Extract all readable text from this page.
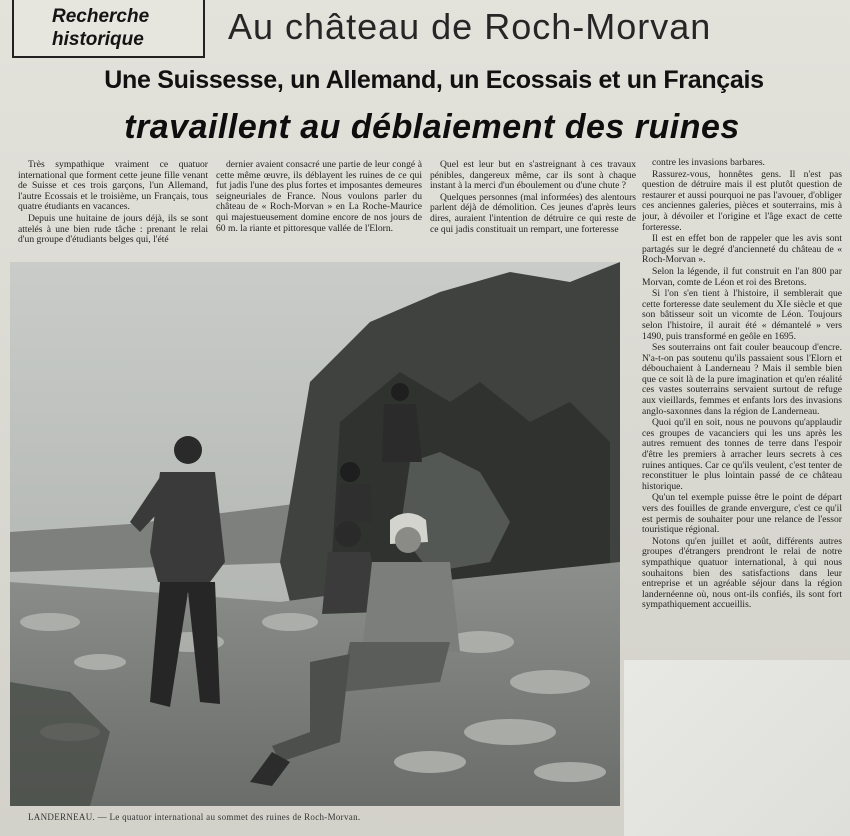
Recherche
historique	Au château de Roch-Morvan
Une Suissesse, un Allemand, un Ecossais et un Français
travaillent au déblaiement des ruines

Très sympathique vraiment ce quatuor international que forment cette jeune fille venant de Suisse et ces trois garçons, l'un Allemand, l'autre Ecossais et le troisième, un Français, tous quatre étudiants en vacances.

Depuis une huitaine de jours déjà, ils se sont attelés à une bien rude tâche : prenant le relai d'un groupe d'étudiants belges qui, l'été

dernier avaient consacré une partie de leur congé à cette même œuvre, ils déblayent les ruines de ce qui fut jadis l'une des plus fortes et imposantes demeures seigneuriales de France. Nous voulons parler du château de « Roch-Morvan » en La Roche-Maurice qui majestueusement domine encore de nos jours de 60 m. la riante et pittoresque vallée de l'Elorn.

Quel est leur but en s'astreignant à ces travaux pénibles, dangereux même, car ils sont à chaque instant à la merci d'un éboulement ou d'une chute ?

Quelques personnes (mal informées) des alentours parlent déjà de démolition. Ces jeunes d'après leurs dires, auraient l'intention de détruire ce qui reste de ce qui jadis constituait un rempart, une forteresse

contre les invasions barbares.

Rassurez-vous, honnêtes gens. Il n'est pas question de détruire mais il est plutôt question de restaurer et aussi pourquoi ne pas l'avouer, d'obliger ces anciennes galeries, pièces et souterrains, mis à jour, à dévoiler et l'origine et l'âge exact de cette forteresse.

Il est en effet bon de rappeler que les avis sont partagés sur le degré d'ancienneté du château de « Roch-Morvan ».

Selon la légende, il fut construit en l'an 800 par Morvan, comte de Léon et roi des Bretons.

Si l'on s'en tient à l'histoire, il semblerait que cette forteresse date seulement du XIe siècle et que son bâtisseur soit un vicomte de Léon. Toujours selon l'histoire, il aurait été « démantelé » vers 1490, puis transformé en geôle en 1695.

Ses souterrains ont fait couler beaucoup d'encre. N'a-t-on pas soutenu qu'ils passaient sous l'Elorn et débouchaient à Landerneau ? Mais il semble bien que ce soit là de la pure imagination et qu'en réalité ces vastes souterrains servaient surtout de refuge aux vieillards, femmes et enfants lors des invasions anglo-saxonnes dans la région de Landerneau.

Quoi qu'il en soit, nous ne pouvons qu'applaudir ces groupes de vacanciers qui les uns après les autres remuent des tonnes de terre dans l'espoir d'être les premiers à arracher leurs secrets à ces ruines antiques. Car ce qu'ils veulent, c'est tenter de reconstituer le plus lointain passé de ce château historique.

Qu'un tel exemple puisse être le point de départ vers des fouilles de grande envergure, c'est ce qu'il est permis de souhaiter pour une relance de l'essor touristique régional.

Notons qu'en juillet et août, différents autres groupes d'étrangers prendront le relai de notre sympathique quatuor international, à qui nous souhaitons bien des satisfactions dans leur entreprise et un agréable séjour dans la région landernéenne où, nous ont-ils confiés, ils sont fort sympathiquement accueillis.

LANDERNEAU. — Le quatuor international au sommet des ruines de Roch-Morvan.
